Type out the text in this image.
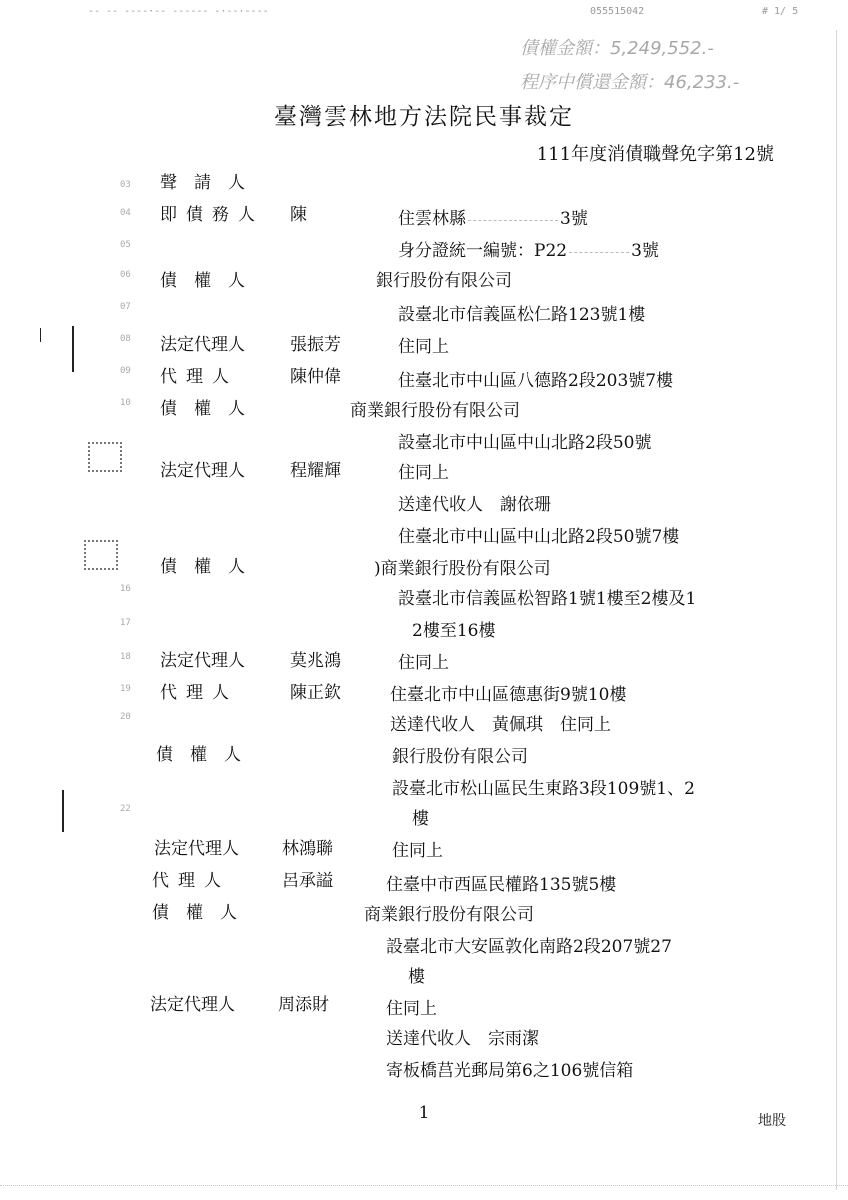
-- -- ----·-- ------ -·--·----	055515042	# 1/ 5
債權金額：5,249,552.-
程序中償還金額：46,233.-
臺灣雲林地方法院民事裁定
111年度消債職聲免字第12號
03
04
05
06
07
08
09
10
16
17
18
19
20
22
聲請人
即債務人 陳	住雲林縣	3號
身分證統一編號：P22	3號
債權人	銀行股份有限公司
設臺北市信義區松仁路123號1樓
法定代理人	張振芳	住同上
代理人	陳仲偉	住臺北市中山區八德路2段203號7樓
債權人	商業銀行股份有限公司
設臺北市中山區中山北路2段50號
法定代理人	程耀輝	住同上
送達代收人　謝依珊
住臺北市中山區中山北路2段50號7樓
債權人	)商業銀行股份有限公司
設臺北市信義區松智路1號1樓至2樓及1
2樓至16樓
法定代理人	莫兆鴻	住同上
代理人	陳正欽	住臺北市中山區德惠街9號10樓
送達代收人　黃佩琪　住同上
債權人	銀行股份有限公司
設臺北市松山區民生東路3段109號1、2
樓
法定代理人	林鴻聯	住同上
代理人	呂承謚	住臺中市西區民權路135號5樓
債權人	商業銀行股份有限公司
設臺北市大安區敦化南路2段207號27
樓
法定代理人	周添財	住同上
送達代收人　宗雨潔
寄板橋莒光郵局第6之106號信箱
1	地股
